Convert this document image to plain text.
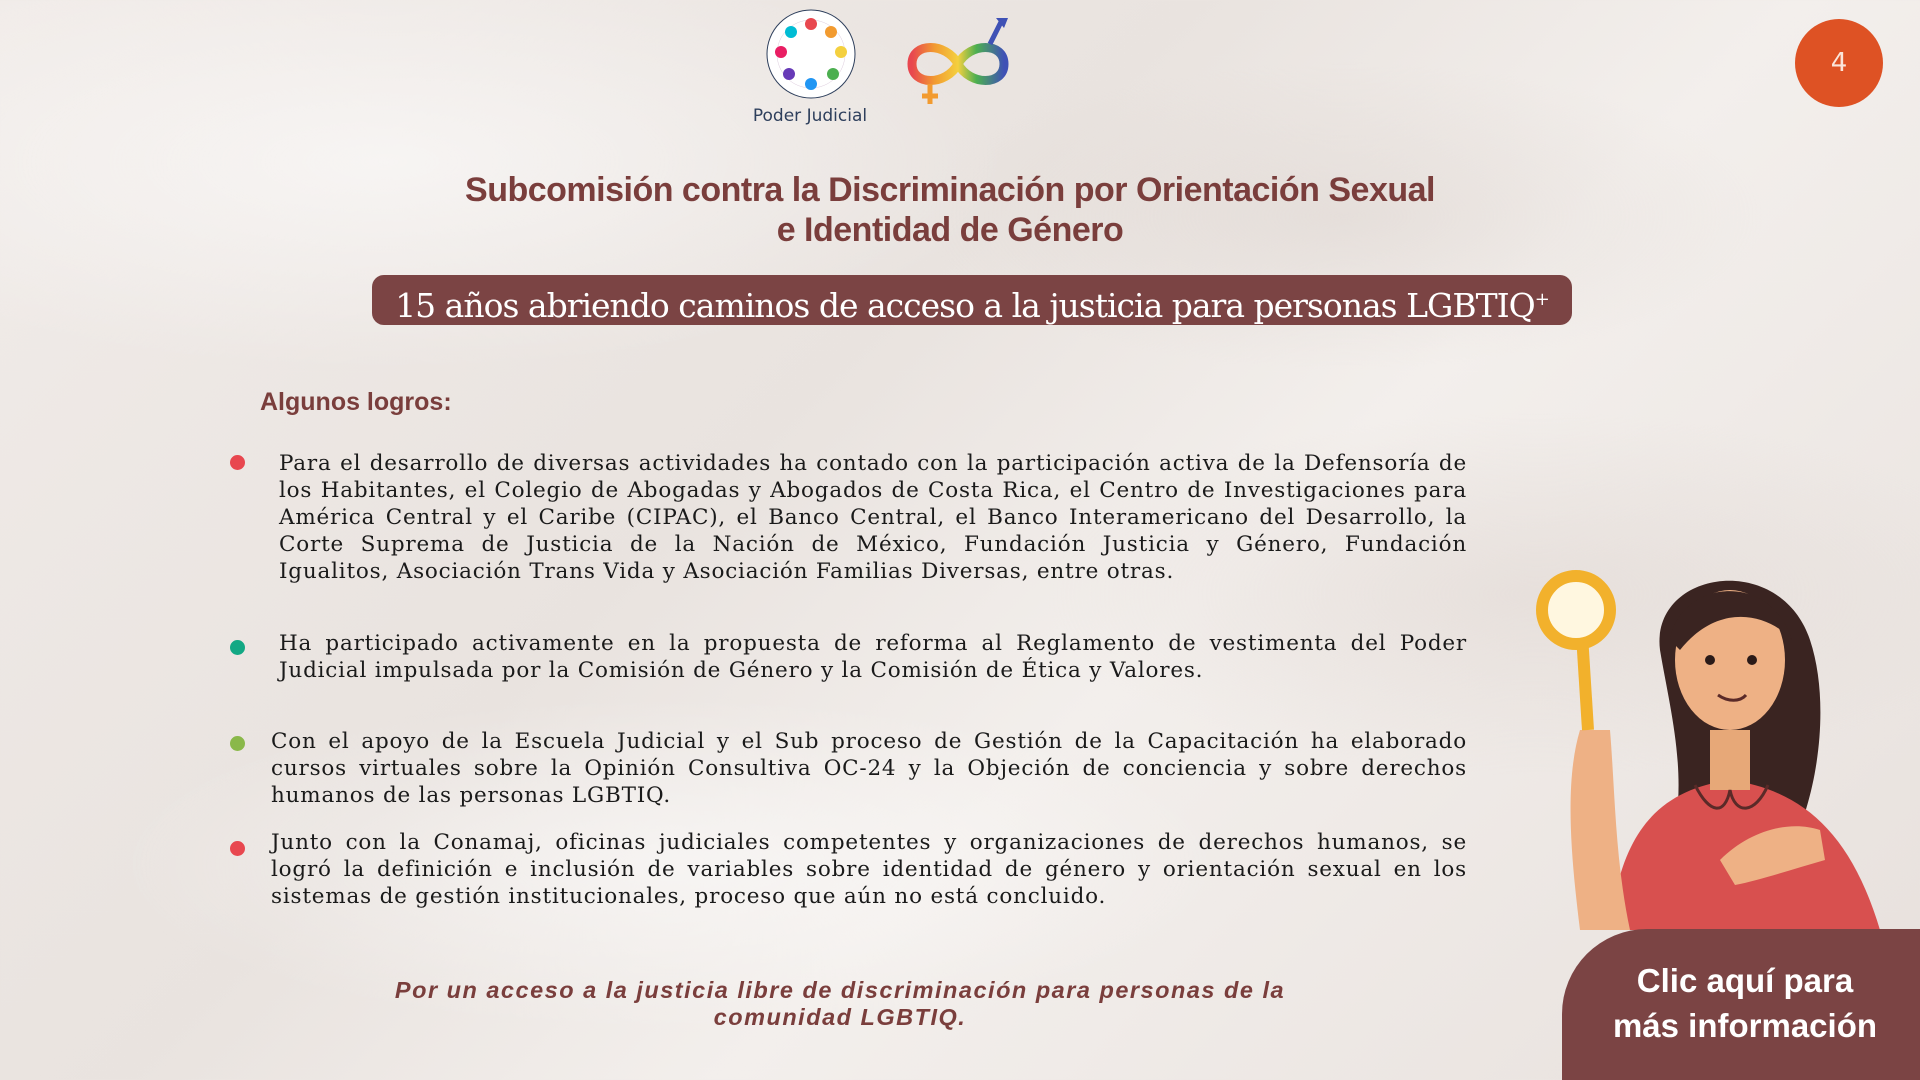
Poder Judicial
4
Subcomisión contra la Discriminación por Orientación Sexual
e Identidad de Género
15 años abriendo caminos de acceso a la justicia para personas LGBTIQ+
Algunos logros:
Para el desarrollo de diversas actividades ha contado con la participación activa de la Defensoría de los Habitantes, el Colegio de Abogadas y Abogados de Costa Rica, el Centro de Investigaciones para América Central y el Caribe (CIPAC), el Banco Central, el Banco Interamericano del Desarrollo, la Corte Suprema de Justicia de la Nación de México, Fundación Justicia y Género, Fundación Igualitos, Asociación Trans Vida y Asociación Familias Diversas, entre otras.
Ha participado activamente en la propuesta de reforma al Reglamento de vestimenta del Poder Judicial impulsada por la Comisión de Género y la Comisión de Ética y Valores.
Con el apoyo de la Escuela Judicial y el Sub proceso de Gestión de la Capacitación ha elaborado cursos virtuales sobre la Opinión Consultiva OC-24 y la Objeción de conciencia y sobre derechos humanos de las personas LGBTIQ.
Junto con la Conamaj, oficinas judiciales competentes y organizaciones de derechos humanos, se logró la definición e inclusión de variables sobre identidad de género y orientación sexual en los sistemas de gestión institucionales, proceso que aún no está concluido.
Por un acceso a la justicia libre de discriminación para personas de la
comunidad LGBTIQ.
Clic aquí para
más información
